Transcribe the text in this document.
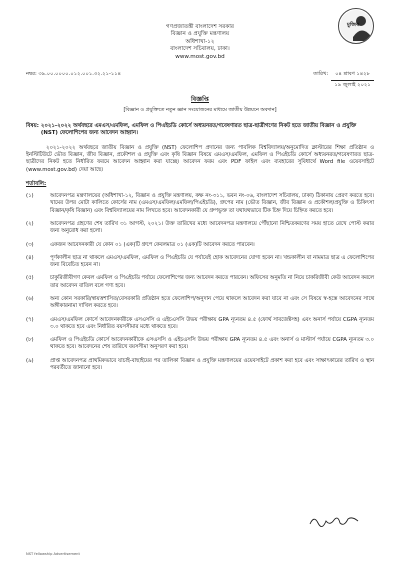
মুজিব
গণপ্রজাতন্ত্রী বাংলাদেশ সরকার
বিজ্ঞান ও প্রযুক্তি মন্ত্রণালয়
অধিশাখা-১২
বাংলাদেশ সচিবালয়, ঢাকা।
www.most.gov.bd
নম্বর: ৩৯.০০.০০০০.০১২.০০১.৩২.২১-১১৪	তারিখ:	০৪ শ্রাবণ ১৪২৮
১৯ জুলাই ২০২১
বিজ্ঞপ্তি
[বিজ্ঞান ও প্রযুক্তিতে নতুন জ্ঞান সংযোজনের মাধ্যমে জাতীয় উন্নয়নে অবদান]
বিষয়: ২০২১-২০২২ অর্থবছরে এমএস/এমফিল, এমফিল ও পিএইচডি কোর্সে অধ্যয়নরত/গবেষণারত ছাত্র-ছাত্রীগণের নিকট হতে জাতীয় বিজ্ঞান ও প্রযুক্তি (NST) ফেলোশিপের জন্য আবেদন আহ্বান।
২০২১-২০২২ অর্থবছরে জাতীয় বিজ্ঞান ও প্রযুক্তি (NST) ফেলোশিপ প্রদানের জন্য পাবলিক বিশ্ববিদ্যালয়/অনুমোদিত ক্লাস্টারের শিক্ষা প্রতিষ্ঠান ও ইনস্টিটিউটে ভৌত বিজ্ঞান, জীব বিজ্ঞান, প্রকৌশল ও প্রযুক্তি এবং কৃষি বিজ্ঞান বিষয়ে এমএস/এমফিল, এমফিল ও পিএইচডি কোর্সে অধ্যয়নরত/গবেষণারত ছাত্র-ছাত্রীদের নিকট হতে নির্ধারিত ফরমে আবেদন আহ্বান করা যাচ্ছে। আবেদন ফরম এবং PDF ফাইল এবং ব্যবহারের সুবিধার্থে Word file ওয়েবসাইটে (www.most.gov.bd) দেয়া আছে।
শর্তাবলি:
(১)	আবেদনপত্র মন্ত্রণালয়ের (অধিশাখা-১২, বিজ্ঞান ও প্রযুক্তি মন্ত্রণালয়, কক্ষ নং-৩১১, ভবন নং-০৬, বাংলাদেশ সচিবালয়, ঢাকা) ঠিকানায় প্রেরণ করতে হবে। খামের উপর মোটা কালিতে কোর্সের নাম (এমএস/এমফিল/এমফিল/পিএইচডি), গ্রুপের নাম (ভৌত বিজ্ঞান, জীব বিজ্ঞান ও প্রকৌশল/প্রযুক্তি ও চিকিৎসা বিজ্ঞান/কৃষি বিজ্ঞান) এবং বিশ্ববিদ্যালয়ের নাম লিখতে হবে। আবেদনকারী যে গ্রুপভুক্ত তা যথাযথভাবে টিক চিহ্ন দিয়ে চিহ্নিত করতে হবে।
(২)	আবেদনপত্র গ্রহণের শেষ তারিখ ৩১ আগস্ট, ২০২১। উক্ত তারিখের মধ্যে আবেদনপত্র মন্ত্রণালয়ে পৌঁছানো নিশ্চিতকরণের সময় হাতে রেখে পোস্ট করার জন্য অনুরোধ করা হলো।
(৩)	একজন আবেদনকারী যে কোন ০১ (এক)টি গ্রুপে কেবলমাত্র ০১ (এক)টি আবেদন করতে পারবেন।
(৪)	পূর্ণকালীন ছাত্র না থাকলে এমএস/এমফিল, এমফিল ও পিএইচডি যে পর্যায়েই হোক আবেদনের যোগ্য হবেন না। খন্ডকালীন বা নামমাত্র ছাত্র এ ফেলোশিপের জন্য বিবেচিত হবেন না।
(৫)	চাকুরিজীবীগণ কেবল এমফিল ও পিএইচডি পর্যায়ে ফেলোশিপের জন্য আবেদন করতে পারবেন। অফিসের অনুমতি না নিয়ে চাকরিজীবী কেউ আবেদন করলে তার আবেদন বাতিল বলে গণ্য হবে।
(৬)	অন্য কোন সরকারি/স্বায়ত্তশাসিত/বেসরকারি প্রতিষ্ঠান হতে ফেলোশিপ/অনুদান পেয়ে থাকলে আবেদন করা যাবে না এবং সে বিষয়ে স্ব-হস্তে আবেদনের সাথে অঙ্গীকারনামা দাখিল করতে হবে।
(৭)	এমএস/এমফিল কোর্সে আবেদনকারীকে এসএসসি ও এইচএসসি উভয় পরীক্ষায় GPA ন্যূনতম ৪.৫ (ফোর্থ সাবজেক্টসহ) এবং অনার্স পর্যায়ে CGPA ন্যূনতম ৩.০ থাকতে হবে এবং নির্ধারিত বয়সসীমার মধ্যে থাকতে হবে।
(৮)	এমফিল ও পিএইচডি কোর্সে আবেদনকারীকে এসএসসি ও এইচএসসি উভয় পরীক্ষায় GPA ন্যূনতম ৪.৫ এবং অনার্স ও মাস্টার্স পর্যায়ে CGPA ন্যূনতম ৩.০ থাকতে হবে। আবেদনের শেষ তারিখে বয়সসীমা অনুসরণ করা হবে।
(৯)	প্রাপ্ত আবেদনপত্র প্রাথমিকভাবে যাচাই-বাছাইয়ের পর তালিকা বিজ্ঞান ও প্রযুক্তি মন্ত্রণালয়ের ওয়েবসাইটে প্রকাশ করা হবে এবং সাক্ষাৎকারের তারিখ ও স্থান পরবর্তীতে জানানো হবে।
NST fellowship Advertisement
